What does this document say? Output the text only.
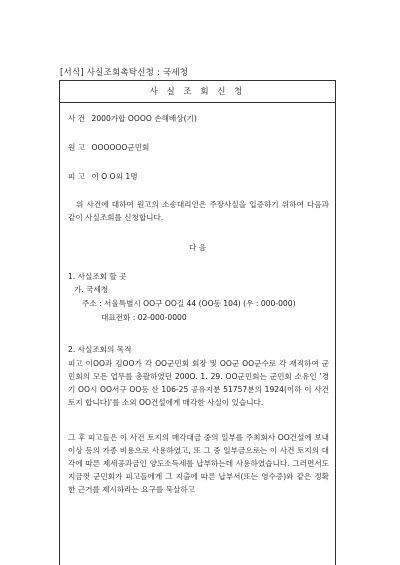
[서식] 사실조회촉탁신청 : 국세청
사 실 조 회 신 청
사 건 2000가합 OOOO 손해배상(기)
원 고 OOOOOO군민회
피 고 이 O O외 1명
위 사건에 대하여 원고의 소송대리인은 주장사실을 입증하기 위하여 다음과 같이 사실조회를 신청합니다.
다 음
1. 사실조회 할 곳
가. 국세청
주소 : 서울특별시 OO구 OO길 44 (OO동 104) (우 : 000-000)
대표전화 : 02-000-0000
2. 사실조회의 목적
피고 이OO과 김OO가 각 OO군민회 회장 및 OO군 OO군수로 각 재직하여 군민회의 모든 업무를 총괄하였던 200O. 1. 29. OO군민회는 군민회 소유인 '경기 OO시 OO서구 OO동 산 106-25 공유지분 51757분의 1924(이하 이 사건 토지 합니다)'를 소외 OO건설에게 매각한 사실이 있습니다.
그 후 피고들은 이 사건 토지의 매각대금 중의 일부를 주최회사 OO건설에 보내이상 등의 가종 비용으로 사용하였고, 또 그 중 일부금으로는 이 사건 토지의 대각에 따른 제세공과금인 양도소득세를 납부하는데 사용하였습니다. 그러면서도 지금껏 군민회가 피고들에게 그 지출에 따른 납부서(또는 영수증)와 같은 정확한 근거를 제시하라는 요구를 묵살하고
